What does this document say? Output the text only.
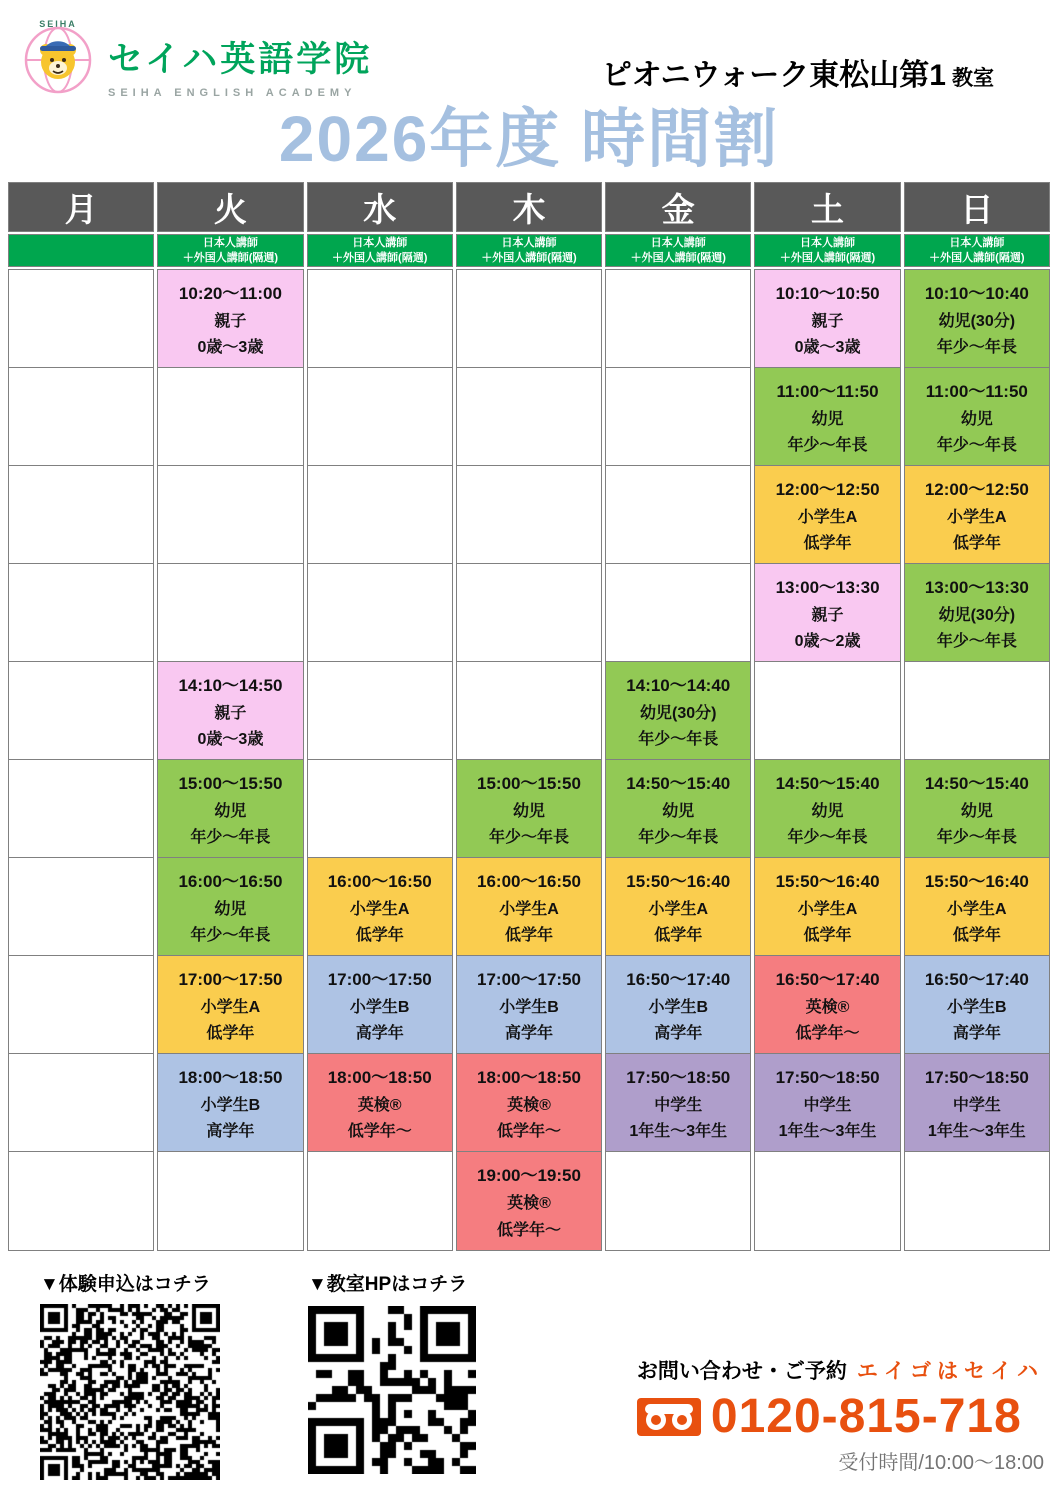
SEIHA
セイハ英語学院
SEIHA ENGLISH ACADEMY
ピオニウォーク東松山第1 教室
2026年度 時間割
月	火
日本人講師
＋外国人講師(隔週)
10:20～11:00
親子
0歳～3歳
14:10～14:50
親子
0歳～3歳
15:00～15:50
幼児
年少～年長
16:00～16:50
幼児
年少～年長
17:00～17:50
小学生A
低学年
18:00～18:50
小学生B
高学年
水
日本人講師
＋外国人講師(隔週)
16:00～16:50
小学生A
低学年
17:00～17:50
小学生B
高学年
18:00～18:50
英検®
低学年～
木
日本人講師
＋外国人講師(隔週)
15:00～15:50
幼児
年少～年長
16:00～16:50
小学生A
低学年
17:00～17:50
小学生B
高学年
18:00～18:50
英検®
低学年～
19:00～19:50
英検®
低学年～
金
日本人講師
＋外国人講師(隔週)
14:10～14:40
幼児(30分)
年少～年長
14:50～15:40
幼児
年少～年長
15:50～16:40
小学生A
低学年
16:50～17:40
小学生B
高学年
17:50～18:50
中学生
1年生～3年生
土
日本人講師
＋外国人講師(隔週)
10:10～10:50
親子
0歳～3歳
11:00～11:50
幼児
年少～年長
12:00～12:50
小学生A
低学年
13:00～13:30
親子
0歳～2歳
14:50～15:40
幼児
年少～年長
15:50～16:40
小学生A
低学年
16:50～17:40
英検®
低学年～
17:50～18:50
中学生
1年生～3年生
日
日本人講師
＋外国人講師(隔週)
10:10～10:40
幼児(30分)
年少～年長
11:00～11:50
幼児
年少～年長
12:00～12:50
小学生A
低学年
13:00～13:30
幼児(30分)
年少～年長
14:50～15:40
幼児
年少～年長
15:50～16:40
小学生A
低学年
16:50～17:40
小学生B
高学年
17:50～18:50
中学生
1年生～3年生
▼体験申込はコチラ	▼教室HPはコチラ
お問い合わせ・ご予約 エイゴはセイハ
0120-815-718
受付時間/10:00～18:00
